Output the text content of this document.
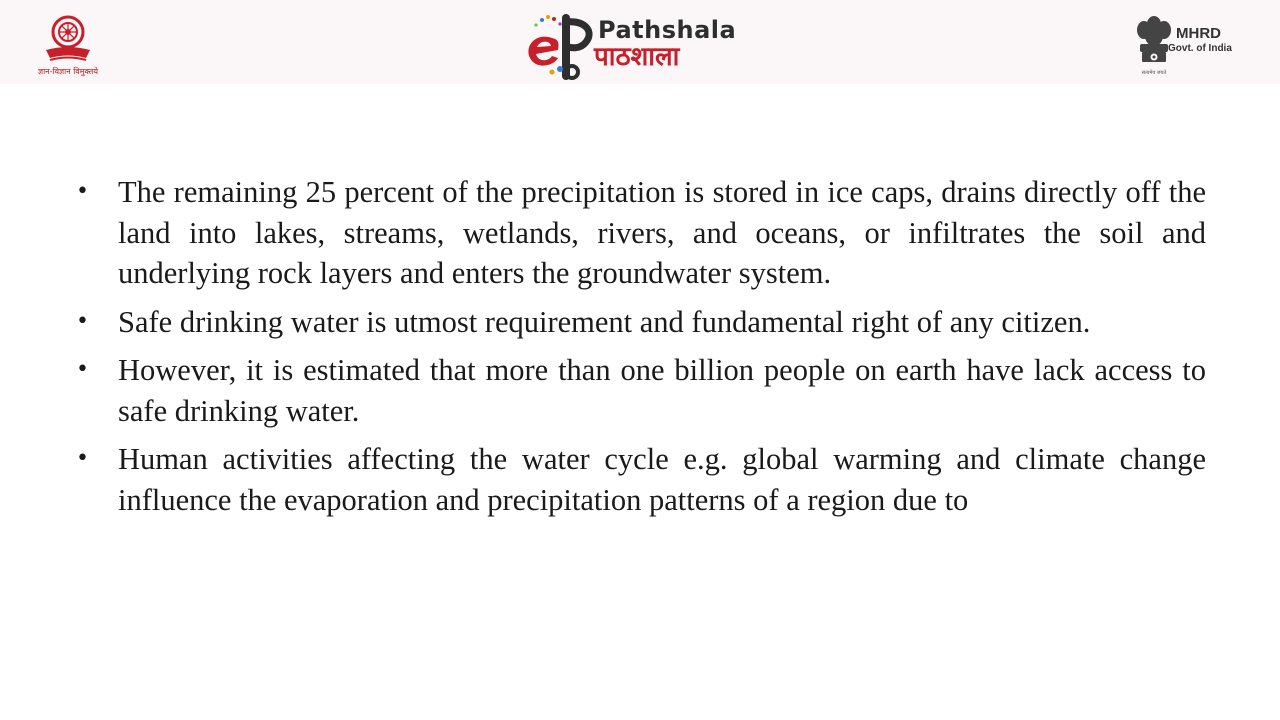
ज्ञान-विज्ञान विमुक्तये
Pathshala
पाठशाला
MHRD
Govt. of India
सत्यमेव जयते
• The remaining 25 percent of the precipitation is stored in ice caps, drains directly off the land into lakes, streams, wetlands, rivers, and oceans, or infiltrates the soil and underlying rock layers and enters the groundwater system.
• Safe drinking water is utmost requirement and fundamental right of any citizen.
• However, it is estimated that more than one billion people on earth have lack access to safe drinking water.
• Human activities affecting the water cycle e.g. global warming and climate change influence the evaporation and precipitation patterns of a region due to
